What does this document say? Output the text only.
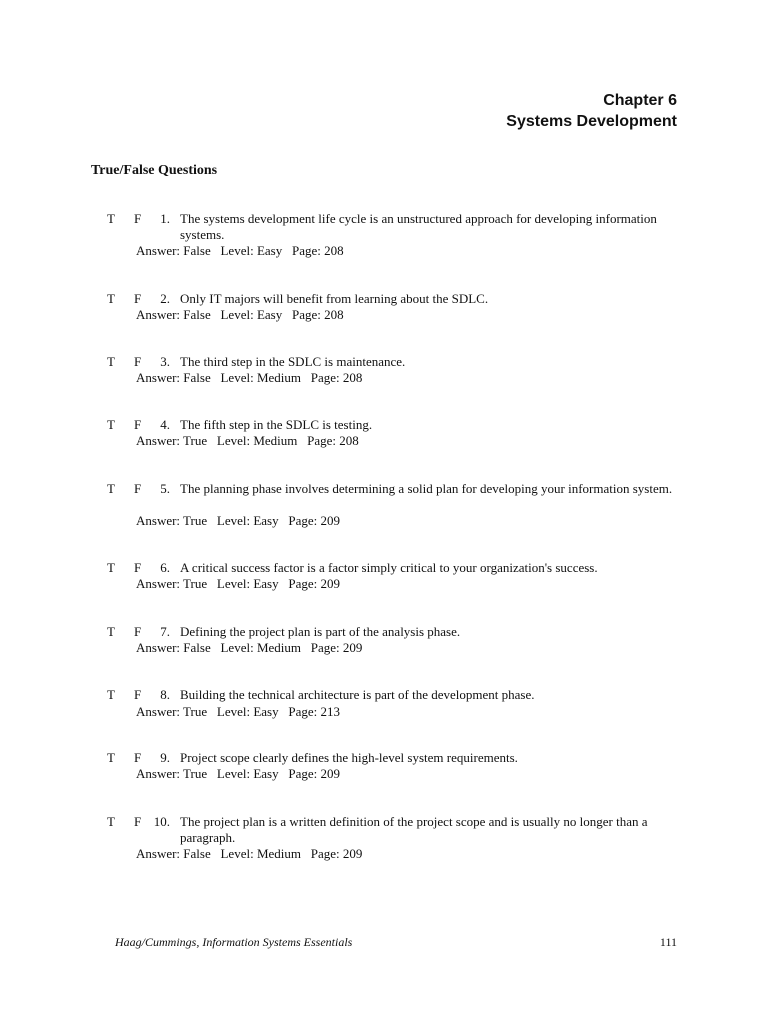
Chapter 6
Systems Development
True/False Questions
T F	1. The systems development life cycle is an unstructured approach for developing information systems.
Answer: False   Level: Easy   Page: 208
T F	2. Only IT majors will benefit from learning about the SDLC.
Answer: False   Level: Easy   Page: 208
T F	3. The third step in the SDLC is maintenance.
Answer: False   Level: Medium   Page: 208
T F	4. The fifth step in the SDLC is testing.
Answer: True   Level: Medium   Page: 208
T F	5. The planning phase involves determining a solid plan for developing your information system.
Answer: True   Level: Easy   Page: 209
T F	6. A critical success factor is a factor simply critical to your organization's success.
Answer: True   Level: Easy   Page: 209
T F	7. Defining the project plan is part of the analysis phase.
Answer: False   Level: Medium   Page: 209
T F	8. Building the technical architecture is part of the development phase.
Answer: True   Level: Easy   Page: 213
T F	9. Project scope clearly defines the high-level system requirements.
Answer: True   Level: Easy   Page: 209
T F 10. The project plan is a written definition of the project scope and is usually no longer than a paragraph.
Answer: False   Level: Medium   Page: 209
Haag/Cummings, Information Systems Essentials	111
